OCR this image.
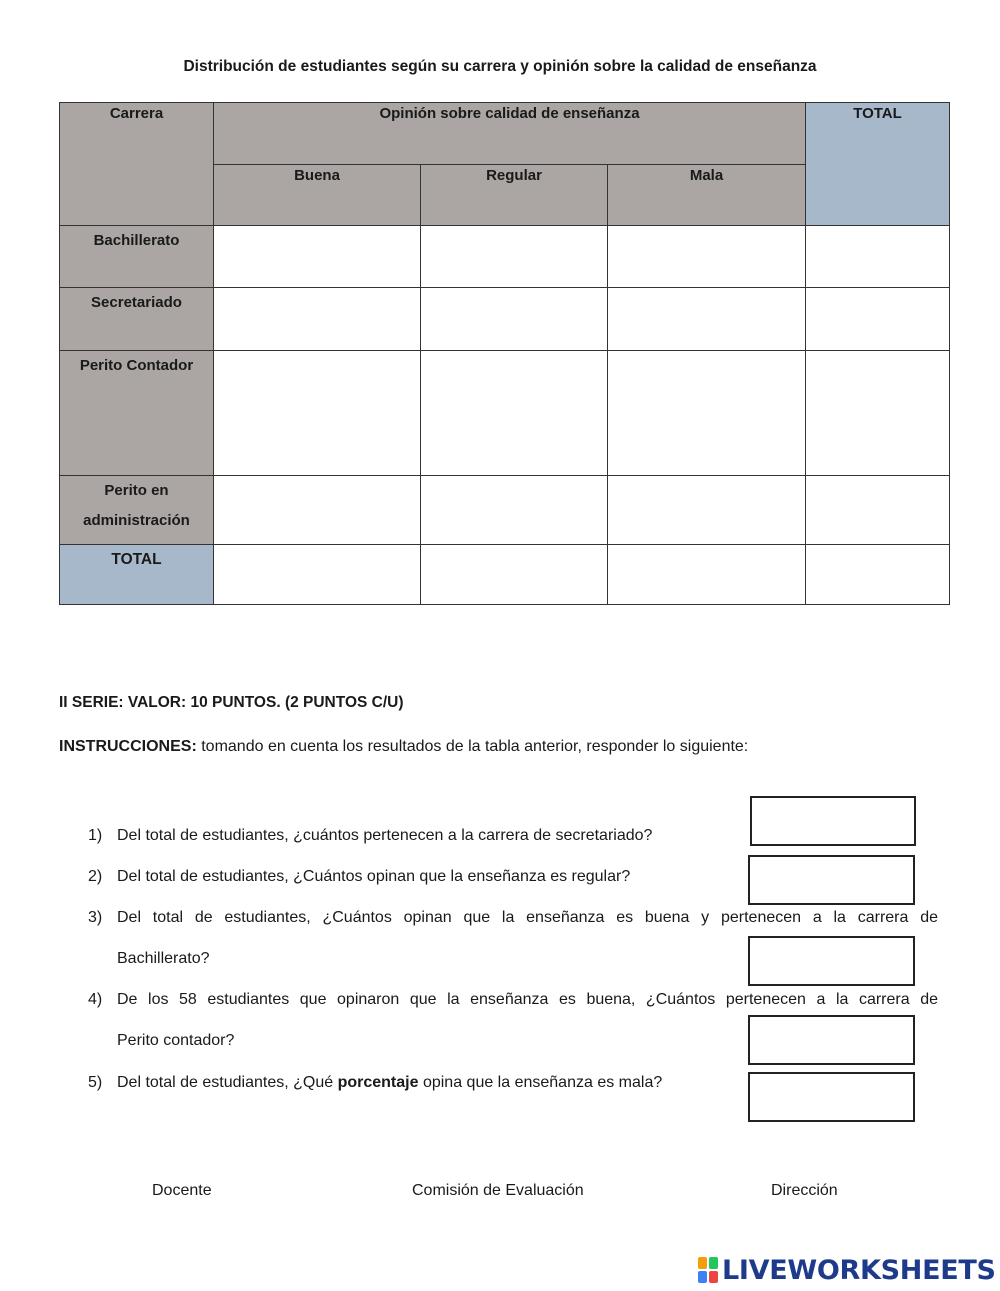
Distribución de estudiantes según su carrera y opinión sobre la calidad de enseñanza
Carrera	Opinión sobre calidad de enseñanza			TOTAL
	Buena	Regular	Mala	
Bachillerato				
Secretariado				
Perito Contador				

Perito en
administración				

TOTAL				
II SERIE: VALOR: 10 PUNTOS. (2 PUNTOS C/U)
INSTRUCCIONES: tomando en cuenta los resultados de la tabla anterior, responder lo siguiente:
1) Del total de estudiantes, ¿cuántos pertenecen a la carrera de secretariado?
2) Del total de estudiantes, ¿Cuántos opinan que la enseñanza es regular?
3) Del total de estudiantes, ¿Cuántos opinan que la enseñanza es buena y pertenecen a la carrera de
Bachillerato?
4) De los 58 estudiantes que opinaron que la enseñanza es buena, ¿Cuántos pertenecen a la carrera de
Perito contador?
5) Del total de estudiantes, ¿Qué porcentaje opina que la enseñanza es mala?
Docente	Comisión de Evaluación	Dirección
LIVEWORKSHEETS
